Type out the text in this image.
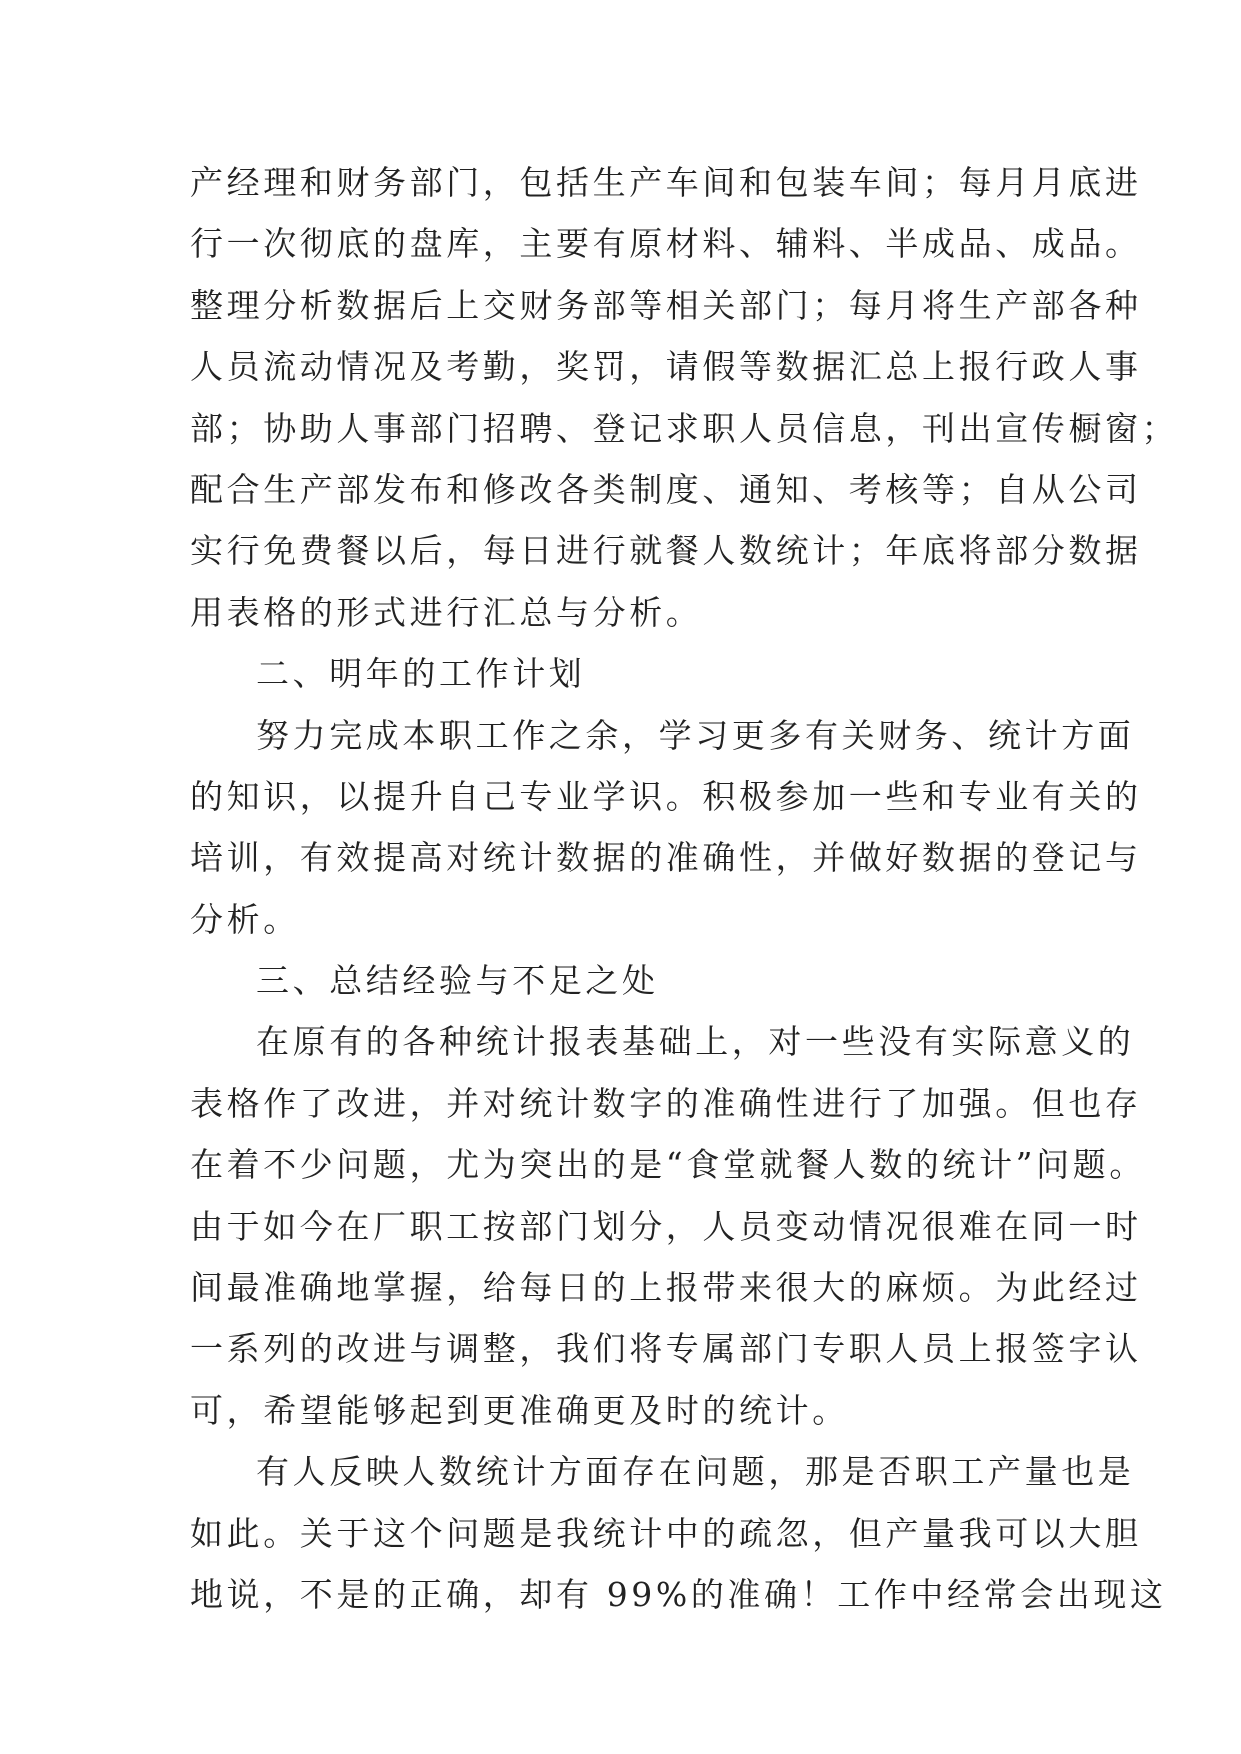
产经理和财务部门，包括生产车间和包装车间；每月月底进

行一次彻底的盘库，主要有原材料、辅料、半成品、成品。

整理分析数据后上交财务部等相关部门；每月将生产部各种

人员流动情况及考勤，奖罚，请假等数据汇总上报行政人事

部；协助人事部门招聘、登记求职人员信息，刊出宣传橱窗；

配合生产部发布和修改各类制度、通知、考核等；自从公司

实行免费餐以后，每日进行就餐人数统计；年底将部分数据

用表格的形式进行汇总与分析。

二、明年的工作计划

努力完成本职工作之余，学习更多有关财务、统计方面

的知识，以提升自己专业学识。积极参加一些和专业有关的

培训，有效提高对统计数据的准确性，并做好数据的登记与

分析。

三、总结经验与不足之处

在原有的各种统计报表基础上，对一些没有实际意义的

表格作了改进，并对统计数字的准确性进行了加强。但也存

在着不少问题，尤为突出的是“食堂就餐人数的统计”问题。

由于如今在厂职工按部门划分，人员变动情况很难在同一时

间最准确地掌握，给每日的上报带来很大的麻烦。为此经过

一系列的改进与调整，我们将专属部门专职人员上报签字认

可，希望能够起到更准确更及时的统计。

有人反映人数统计方面存在问题，那是否职工产量也是

如此。关于这个问题是我统计中的疏忽，但产量我可以大胆

地说，不是的正确，却有 99%的准确！工作中经常会出现这
